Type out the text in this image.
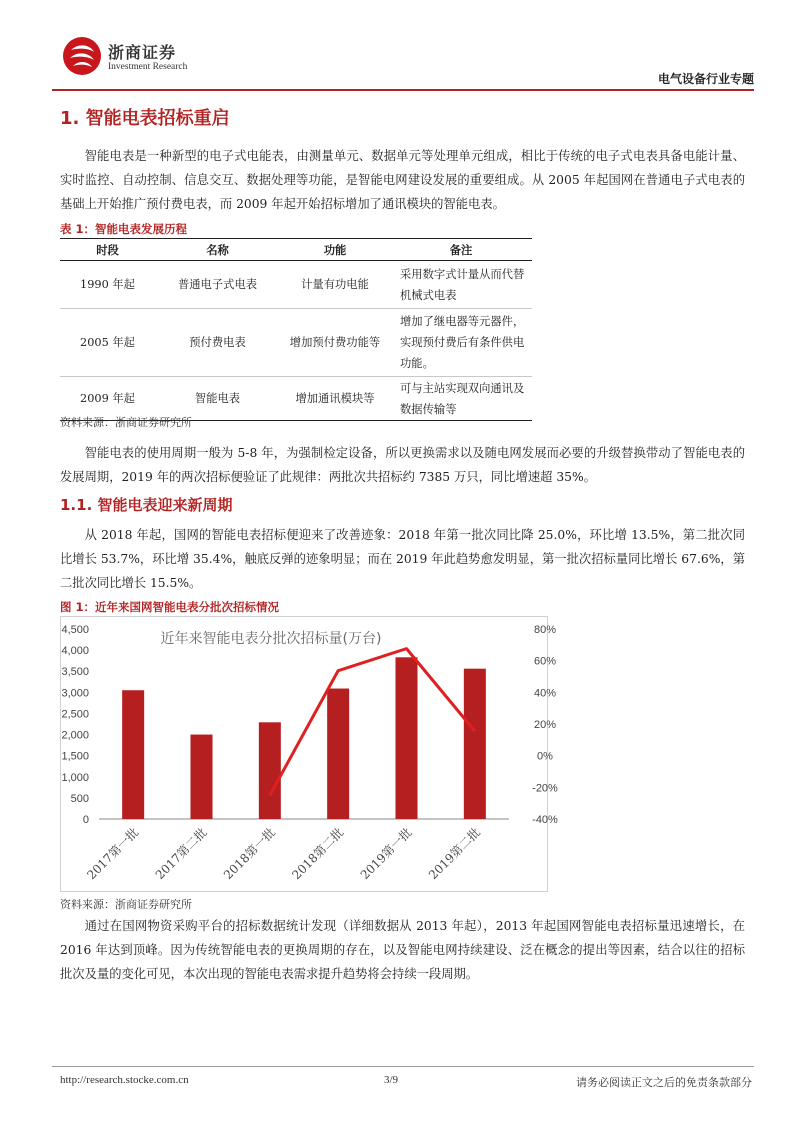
浙商证券
Investment Research
电气设备行业专题
1. 智能电表招标重启

智能电表是一种新型的电子式电能表，由测量单元、数据单元等处理单元组成，相比于传统的电子式电表具备电能计量、实时监控、自动控制、信息交互、数据处理等功能，是智能电网建设发展的重要组成。从 2005 年起国网在普通电子式电表的基础上开始推广预付费电表，而 2009 年起开始招标增加了通讯模块的智能电表。

表 1：智能电表发展历程
时段	名称	功能	备注
1990 年起	普通电子式电表	计量有功电能	采用数字式计量从而代替机械式电表
2005 年起	预付费电表	增加预付费功能等	增加了继电器等元器件，实现预付费后有条件供电功能。
2009 年起	智能电表	增加通讯模块等	可与主站实现双向通讯及数据传输等
资料来源：浙商证券研究所

智能电表的使用周期一般为 5-8 年，为强制检定设备，所以更换需求以及随电网发展而必要的升级替换带动了智能电表的发展周期，2019 年的两次招标便验证了此规律：两批次共招标约 7385 万只，同比增速超 35%。

1.1. 智能电表迎来新周期

从 2018 年起，国网的智能电表招标便迎来了改善迹象：2018 年第一批次同比降 25.0%，环比增 13.5%，第二批次同比增长 53.7%，环比增 35.4%，触底反弹的迹象明显；而在 2019 年此趋势愈发明显，第一批次招标量同比增长 67.6%，第二批次同比增长 15.5%。

图 1：近年来国网智能电表分批次招标情况
0
500
1,000
1,500
2,000
2,500
3,000
3,500
4,000
4,500
-40%
-20%
0%
20%
40%
60%
80%
2017第一批 2017第二批 2018第一批 2018第二批 2019第一批 2019第二批
近年来智能电表分批次招标量(万台)
资料来源：浙商证券研究所

通过在国网物资采购平台的招标数据统计发现（详细数据从 2013 年起），2013 年起国网智能电表招标量迅速增长，在 2016 年达到顶峰。因为传统智能电表的更换周期的存在，以及智能电网持续建设、泛在概念的提出等因素，结合以往的招标批次及量的变化可见，本次出现的智能电表需求提升趋势将会持续一段周期。

http://research.stocke.com.cn	3/9	请务必阅读正文之后的免责条款部分
